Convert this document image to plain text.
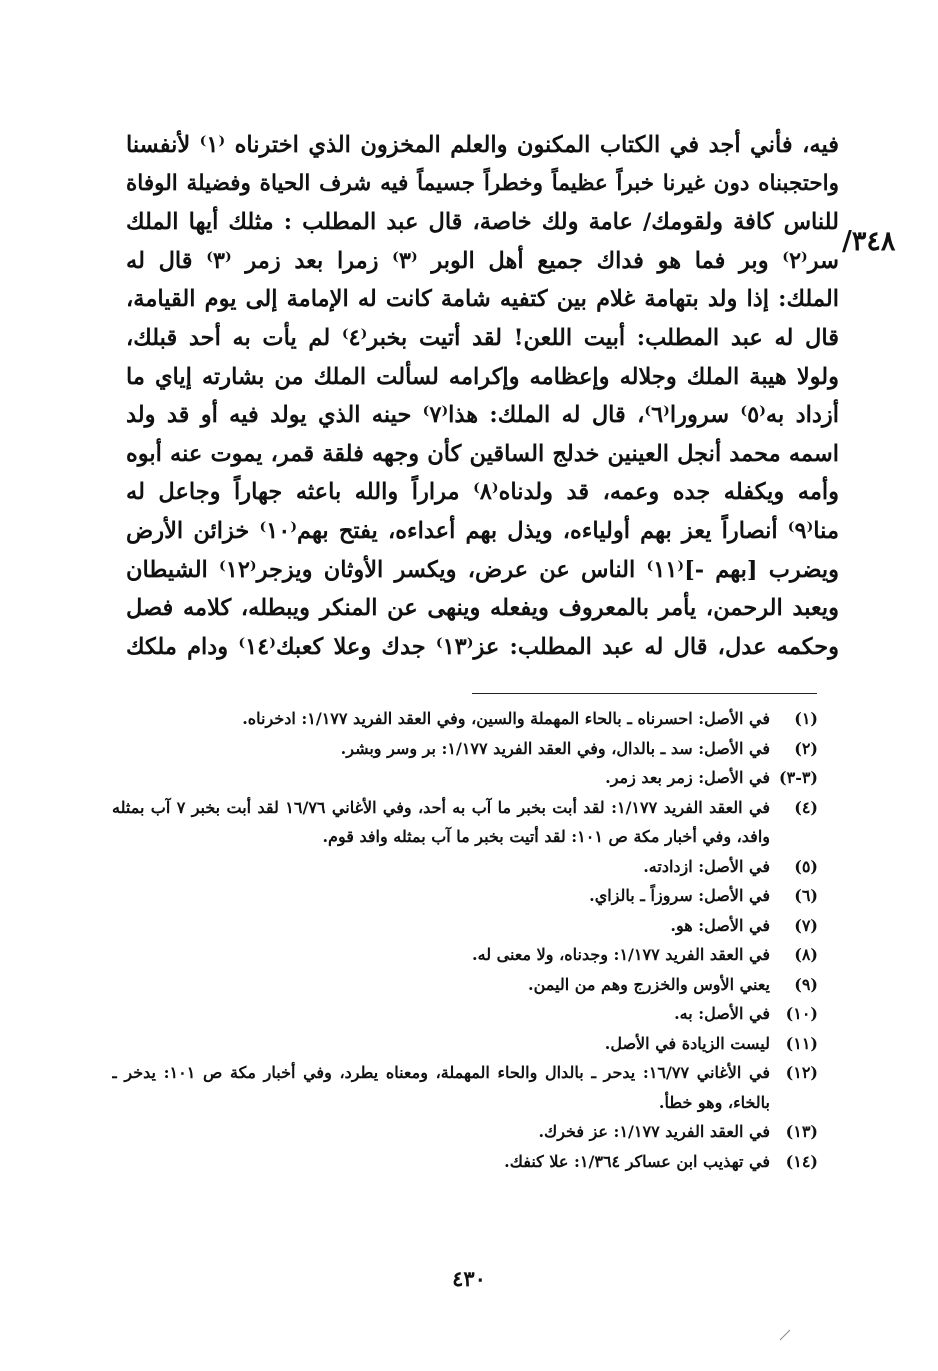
٣٤٨/
فيه، فأني أجد في الكتاب المكنون والعلم المخزون الذي اخترناه ⁽١⁾ لأنفسنا
واحتجبناه دون غيرنا خبراً عظيماً وخطراً جسيماً فيه شرف الحياة وفضيلة الوفاة
للناس كافة ولقومك/ عامة ولك خاصة، قال عبد المطلب : مثلك أيها الملك
سر⁽٢⁾ وبر فما هو فداك جميع أهل الوبر ⁽٣⁾ زمرا بعد زمر ⁽٣⁾ قال له
الملك: إذا ولد بتهامة غلام بين كتفيه شامة كانت له الإمامة إلى يوم القيامة،
قال له عبد المطلب: أبيت اللعن! لقد أتيت بخبر⁽٤⁾ لم يأت به أحد قبلك،
ولولا هيبة الملك وجلاله وإعظامه وإكرامه لسألت الملك من بشارته إياي ما
أزداد به⁽٥⁾ سرورا⁽٦⁾، قال له الملك: هذا⁽٧⁾ حينه الذي يولد فيه أو قد ولد
اسمه محمد أنجل العينين خدلج الساقين كأن وجهه فلقة قمر، يموت عنه أبوه
وأمه ويكفله جده وعمه، قد ولدناه⁽٨⁾ مراراً والله باعثه جهاراً وجاعل له
منا⁽٩⁾ أنصاراً يعز بهم أولياءه، ويذل بهم أعداءه، يفتح بهم⁽١٠⁾ خزائن الأرض
ويضرب [بهم -]⁽١١⁾ الناس عن عرض، ويكسر الأوثان ويزجر⁽١٢⁾ الشيطان
ويعبد الرحمن، يأمر بالمعروف ويفعله وينهى عن المنكر ويبطله، كلامه فصل
وحكمه عدل، قال له عبد المطلب: عز⁽١٣⁾ جدك وعلا كعبك⁽١٤⁾ ودام ملكك
(١)
في الأصل: احسرناه ـ بالحاء المهملة والسين، وفي العقد الفريد ١/١٧٧: ادخرناه.
(٢)
في الأصل: سد ـ بالدال، وفي العقد الفريد ١/١٧٧: بر وسر وبشر.
(٣-٣)
في الأصل: زمر بعد زمر.
(٤)
في العقد الفريد ١/١٧٧: لقد أبت بخبر ما آب به أحد، وفي الأغاني ١٦/٧٦ لقد أبت بخبر ٧ آب بمثله وافد، وفي أخبار مكة ص ١٠١: لقد أتيت بخبر ما آب بمثله وافد قوم.
(٥)
في الأصل: ازدادته.
(٦)
في الأصل: سروزاً ـ بالزاي.
(٧)
في الأصل: هو.
(٨)
في العقد الفريد ١/١٧٧: وجدناه، ولا معنى له.
(٩)
يعني الأوس والخزرج وهم من اليمن.
(١٠)
في الأصل: به.
(١١)
ليست الزيادة في الأصل.
(١٢)
في الأغاني ١٦/٧٧: يدحر ـ بالدال والحاء المهملة، ومعناه يطرد، وفي أخبار مكة ص ١٠١: يدخر ـ بالخاء، وهو خطأ.
(١٣)
في العقد الفريد ١/١٧٧: عز فخرك.
(١٤)
في تهذيب ابن عساكر ١/٣٦٤: علا كنفك.
٤٣٠
